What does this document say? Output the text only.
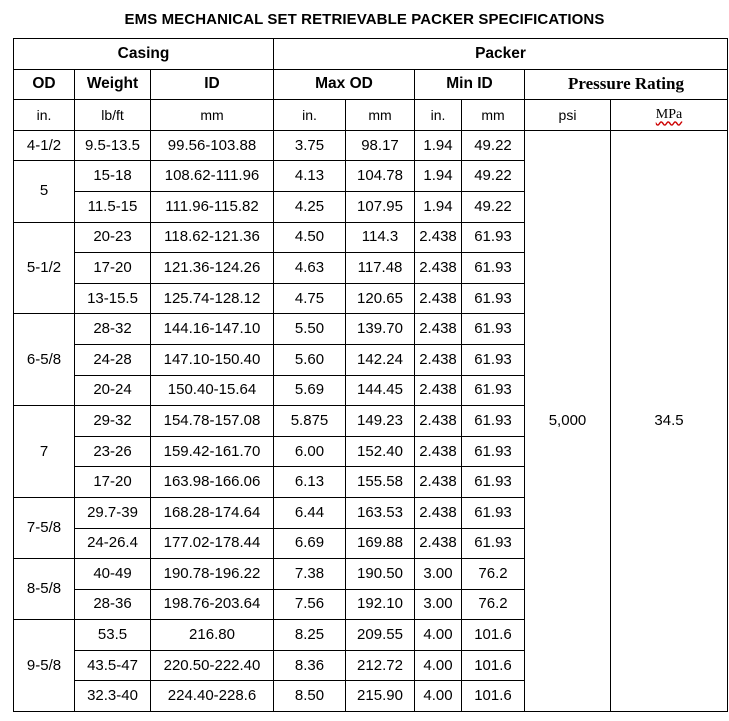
EMS MECHANICAL SET RETRIEVABLE PACKER SPECIFICATIONS
Casing			Packer					
OD	Weight	ID	Max OD		Min ID		Pressure Rating	
in.	lb/ft	mm	in.	mm	in.	mm	psi	MPa
4-1/2	9.5-13.5	99.56-103.88	3.75	98.17	1.94	49.22	5,000	34.5
5	15-18	108.62-111.96	4.13	104.78	1.94	49.22		
	11.5-15	111.96-115.82	4.25	107.95	1.94	49.22		
5-1/2	20-23	118.62-121.36	4.50	114.3	2.438	61.93		
	17-20	121.36-124.26	4.63	117.48	2.438	61.93		
	13-15.5	125.74-128.12	4.75	120.65	2.438	61.93		
6-5/8	28-32	144.16-147.10	5.50	139.70	2.438	61.93		
	24-28	147.10-150.40	5.60	142.24	2.438	61.93		
	20-24	150.40-15.64	5.69	144.45	2.438	61.93		
7	29-32	154.78-157.08	5.875	149.23	2.438	61.93		
	23-26	159.42-161.70	6.00	152.40	2.438	61.93		
	17-20	163.98-166.06	6.13	155.58	2.438	61.93		
7-5/8	29.7-39	168.28-174.64	6.44	163.53	2.438	61.93		
	24-26.4	177.02-178.44	6.69	169.88	2.438	61.93		
8-5/8	40-49	190.78-196.22	7.38	190.50	3.00	76.2		
	28-36	198.76-203.64	7.56	192.10	3.00	76.2		
9-5/8	53.5	216.80	8.25	209.55	4.00	101.6		
	43.5-47	220.50-222.40	8.36	212.72	4.00	101.6		
	32.3-40	224.40-228.6	8.50	215.90	4.00	101.6		
